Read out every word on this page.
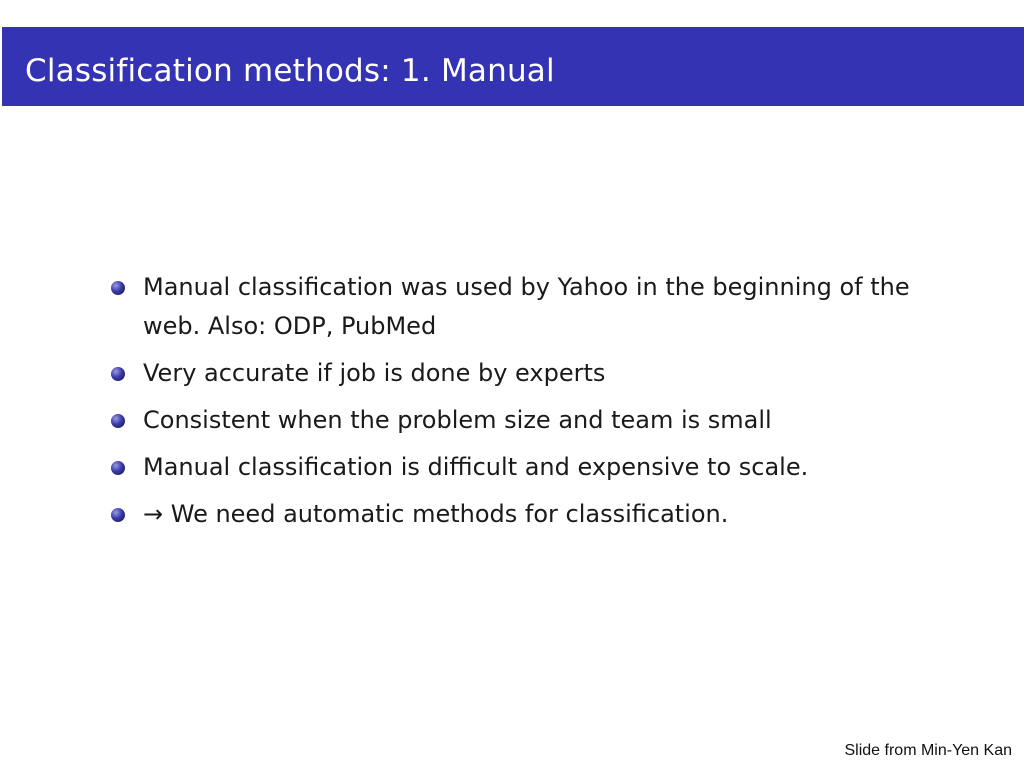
Classification methods: 1. Manual
Manual classification was used by Yahoo in the beginning of the web. Also: ODP, PubMed
Very accurate if job is done by experts
Consistent when the problem size and team is small
Manual classification is difficult and expensive to scale.
→ We need automatic methods for classification.
Slide from Min-Yen Kan
